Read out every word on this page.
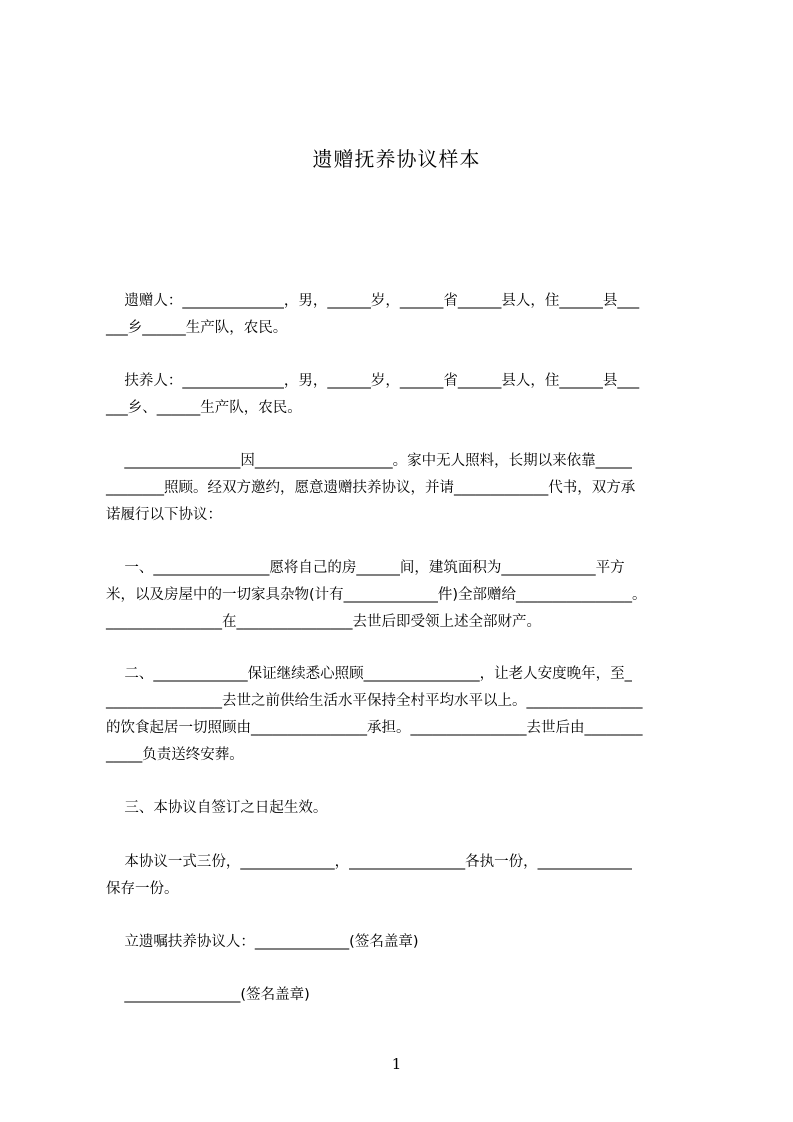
遗赠抚养协议样本
遗赠人：______________，男，______岁，______省______县人，住______县___
___乡______生产队，农民。
扶养人：______________，男，______岁，______省______县人，住______县___
___乡、______生产队，农民。
________________因___________________。家中无人照料，长期以来依靠_____
________照顾。经双方邀约，愿意遗赠扶养协议，并请_____________代书，双方承
诺履行以下协议：
一、________________愿将自己的房______间，建筑面积为_____________平方
米，以及房屋中的一切家具杂物(计有_____________件)全部赠给________________。
________________在________________去世后即受领上述全部财产。
二、_____________保证继续悉心照顾________________，让老人安度晚年，至_
________________去世之前供给生活水平保持全村平均水平以上。________________
的饮食起居一切照顾由________________承担。________________去世后由________
_____负责送终安葬。
三、本协议自签订之日起生效。
本协议一式三份，_____________，________________各执一份，_____________
保存一份。
立遗嘱扶养协议人：_____________(签名盖章)
________________(签名盖章)
1
